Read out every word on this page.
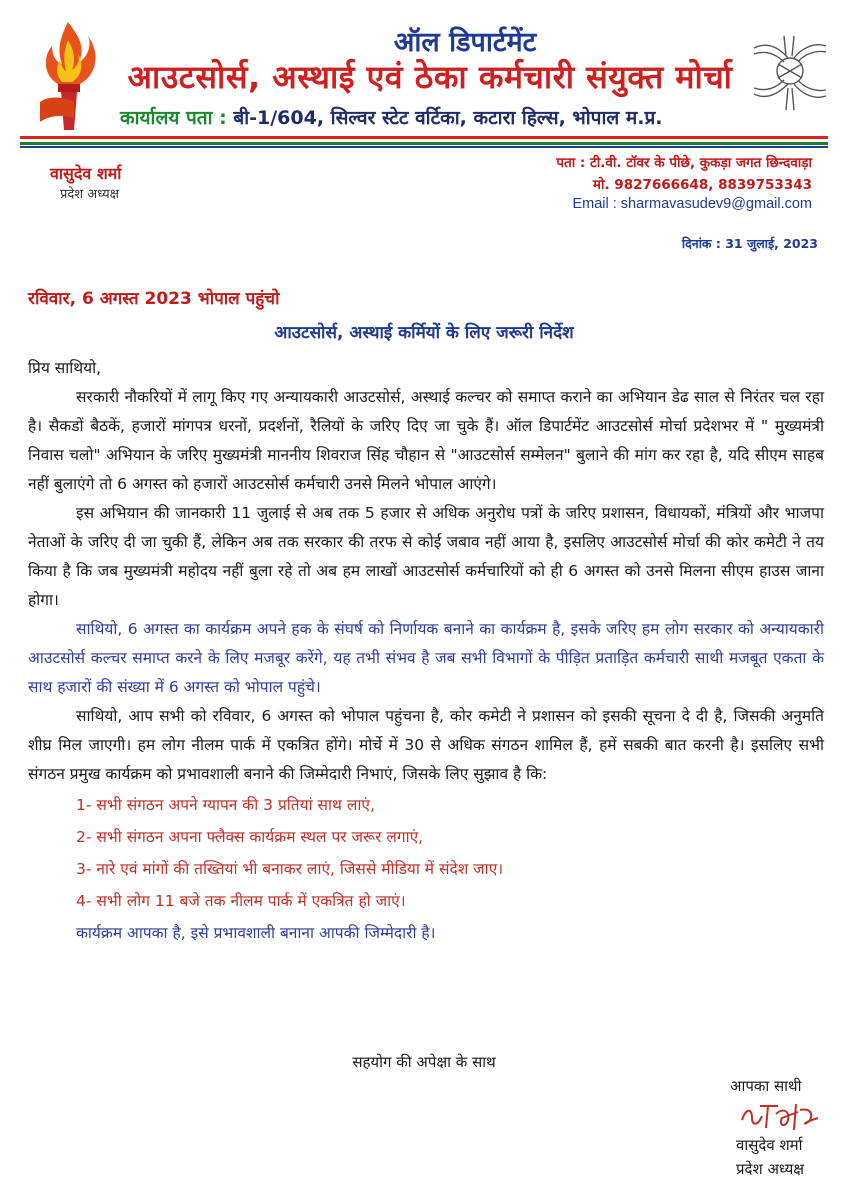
ऑल डिपार्टमेंट
आउटसोर्स, अस्थाई एवं ठेका कर्मचारी संयुक्त मोर्चा
कार्यालय पता : बी-1/604, सिल्वर स्टेट वर्टिका, कटारा हिल्स, भोपाल म.प्र.
वासुदेव शर्मा
प्रदेश अध्यक्ष
पता : टी.वी. टॉवर के पीछे, कुकड़ा जगत छिन्दवाड़ा
मो. 9827666648, 8839753343
Email : sharmavasudev9@gmail.com
दिनांक : 31 जुलाई, 2023
रविवार, 6 अगस्त 2023 भोपाल पहुंचो
आउटसोर्स, अस्थाई कर्मियों के लिए जरूरी निर्देश

प्रिय साथियो,

सरकारी नौकरियों में लागू किए गए अन्यायकारी आउटसोर्स, अस्थाई कल्चर को समाप्त कराने का अभियान डेढ साल से निरंतर चल रहा है। सैकडों बैठकें, हजारों मांगपत्र धरनों, प्रदर्शनों, रैलियों के जरिए दिए जा चुके हैं। ऑल डिपार्टमेंट आउटसोर्स मोर्चा प्रदेशभर में " मुख्यमंत्री निवास चलो" अभियान के जरिए मुख्यमंत्री माननीय शिवराज सिंह चौहान से "आउटसोर्स सम्मेलन" बुलाने की मांग कर रहा है, यदि सीएम साहब नहीं बुलाएंगे तो 6 अगस्त को हजारों आउटसोर्स कर्मचारी उनसे मिलने भोपाल आएंगे।

इस अभियान की जानकारी 11 जुलाई से अब तक 5 हजार से अधिक अनुरोध पत्रों के जरिए प्रशासन, विधायकों, मंत्रियों और भाजपा नेताओं के जरिए दी जा चुकी हैं, लेकिन अब तक सरकार की तरफ से कोई जबाव नहीं आया है, इसलिए आउटसोर्स मोर्चा की कोर कमेटी ने तय किया है कि जब मुख्यमंत्री महोदय नहीं बुला रहे तो अब हम लाखों आउटसोर्स कर्मचारियों को ही 6 अगस्त को उनसे मिलना सीएम हाउस जाना होगा।

साथियो, 6 अगस्त का कार्यक्रम अपने हक के संघर्ष को निर्णायक बनाने का कार्यक्रम है, इसके जरिए हम लोग सरकार को अन्यायकारी आउटसोर्स कल्चर समाप्त करने के लिए मजबूर करेंगे, यह तभी संभव है जब सभी विभागों के पीड़ित प्रताड़ित कर्मचारी साथी मजबूत एकता के साथ हजारों की संख्या में 6 अगस्त को भोपाल पहुंचे।

साथियो, आप सभी को रविवार, 6 अगस्त को भोपाल पहुंचना है, कोर कमेटी ने प्रशासन को इसकी सूचना दे दी है, जिसकी अनुमति शीघ्र मिल जाएगी। हम लोग नीलम पार्क में एकत्रित होंगे। मोर्चे में 30 से अधिक संगठन शामिल हैं, हमें सबकी बात करनी है। इसलिए सभी संगठन प्रमुख कार्यक्रम को प्रभावशाली बनाने की जिम्मेदारी निभाएं, जिसके लिए सुझाव है कि:

1- सभी संगठन अपने ग्यापन की 3 प्रतियां साथ लाएं,
2- सभी संगठन अपना फ्लैक्स कार्यक्रम स्थल पर जरूर लगाएं,
3- नारे एवं मांगों की तख्तियां भी बनाकर लाएं, जिससे मीडिया में संदेश जाए।
4- सभी लोग 11 बजे तक नीलम पार्क में एकत्रित हो जाएं।
कार्यक्रम आपका है, इसे प्रभावशाली बनाना आपकी जिम्मेदारी है।
सहयोग की अपेक्षा के साथ
आपका साथी
वासुदेव शर्मा
प्रदेश अध्यक्ष
